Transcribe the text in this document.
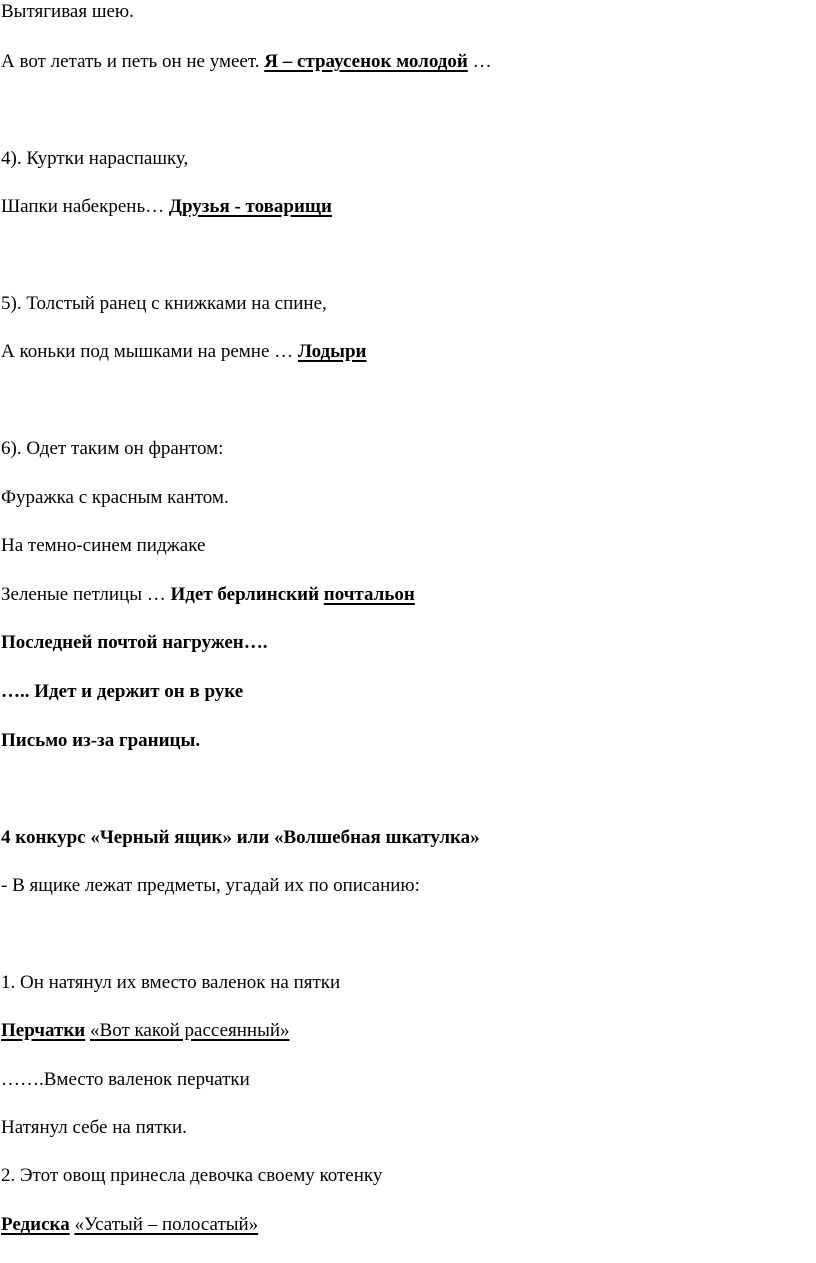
Вытягивая шею.
А вот летать и петь он не умеет. Я – страусенок молодой …
4). Куртки нараспашку,
Шапки набекрень… Друзья - товарищи
5). Толстый ранец с книжками на спине,
А коньки под мышками на ремне … Лодыри
6). Одет таким он франтом:
Фуражка с красным кантом.
На темно-синем пиджаке
Зеленые петлицы … Идет берлинский почтальон
Последней почтой нагружен….
….. Идет и держит он в руке
Письмо из-за границы.
4 конкурс «Черный ящик» или «Волшебная шкатулка»
- В ящике лежат предметы, угадай их по описанию:
1. Он натянул их вместо валенок на пятки
Перчатки «Вот какой рассеянный»
…….Вместо валенок перчатки
Натянул себе на пятки.
2. Этот овощ принесла девочка своему котенку
Редиска «Усатый – полосатый»
